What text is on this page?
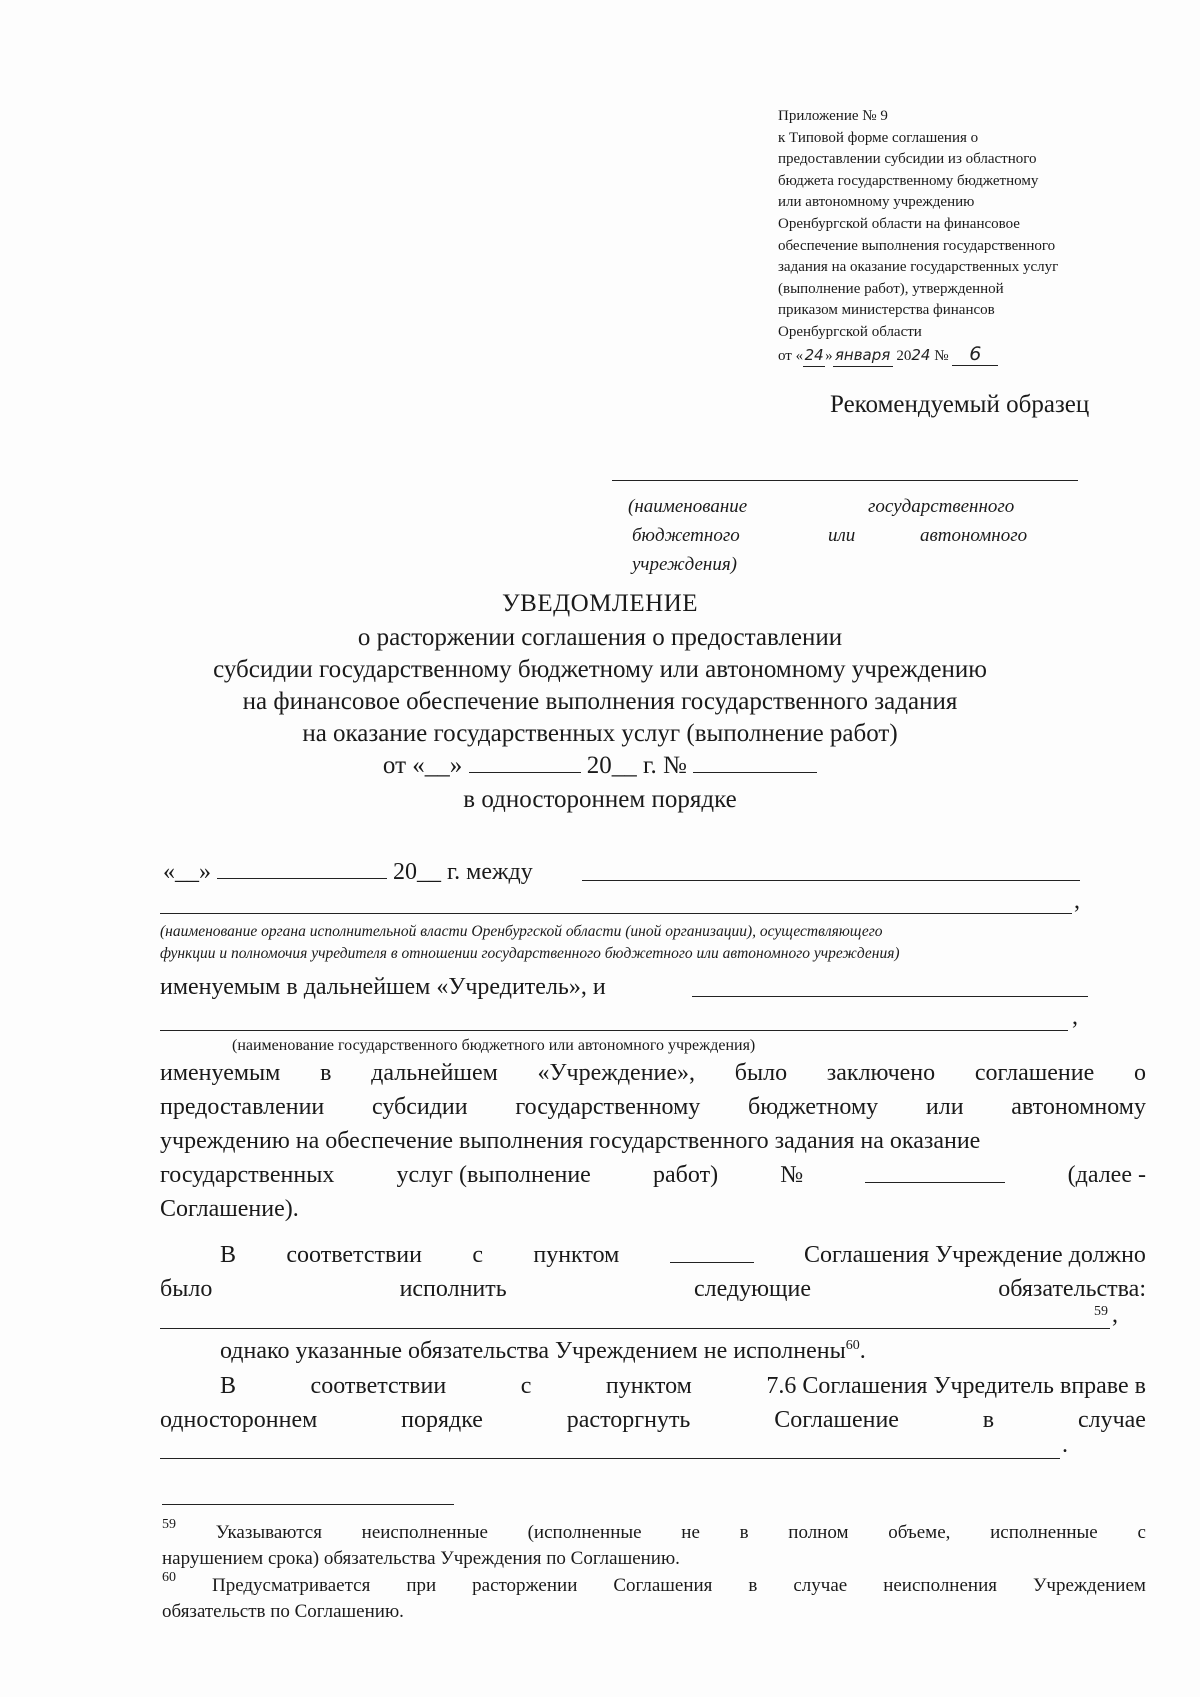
Приложение № 9
к Типовой форме соглашения о
предоставлении субсидии из областного
бюджета государственному бюджетному
или автономному учреждению
Оренбургской области на финансовое
обеспечение выполнения государственного
задания на оказание государственных услуг
(выполнение работ), утвержденной
приказом министерства финансов
Оренбургской области
от «24» января 2024 № 6
Рекомендуемый образец
(наименование	государственного
бюджетного	или	автономного
учреждения)
УВЕДОМЛЕНИЕ
о расторжении соглашения о предоставлении
субсидии государственному бюджетному или автономному учреждению
на финансовое обеспечение выполнения государственного задания
на оказание государственных услуг (выполнение работ)
от «__»	20__ г. №
в одностороннем порядке
«__»	20__ г. между
,
(наименование органа исполнительной власти Оренбургской области (иной организации), осуществляющего
функции и полномочия учредителя в отношении государственного бюджетного или автономного учреждения)
именуемым в дальнейшем «Учредитель», и
,
(наименование государственного бюджетного или автономного учреждения)
именуемым в дальнейшем «Учреждение», было заключено соглашение о
предоставлении субсидии государственному бюджетному или автономному
учреждению на обеспечение выполнения государственного задания на оказание
государственных	услуг (выполнение	работ)	№	(далее -
Соглашение).
В соответствии с пунктом	Соглашения Учреждение должно
было	исполнить	следующие	обязательства:
59 ,
однако указанные обязательства Учреждением не исполнены$^{60}$.
В	соответствии	с	пунктом	7.6 Соглашения Учредитель вправе в
одностороннем	порядке	расторгнуть	Соглашение	в	случае
.
59 Указываются неисполненные (исполненные не в полном объеме, исполненные с
нарушением срока) обязательства Учреждения по Соглашению.
60 Предусматривается при расторжении Соглашения в случае неисполнения Учреждением
обязательств по Соглашению.
